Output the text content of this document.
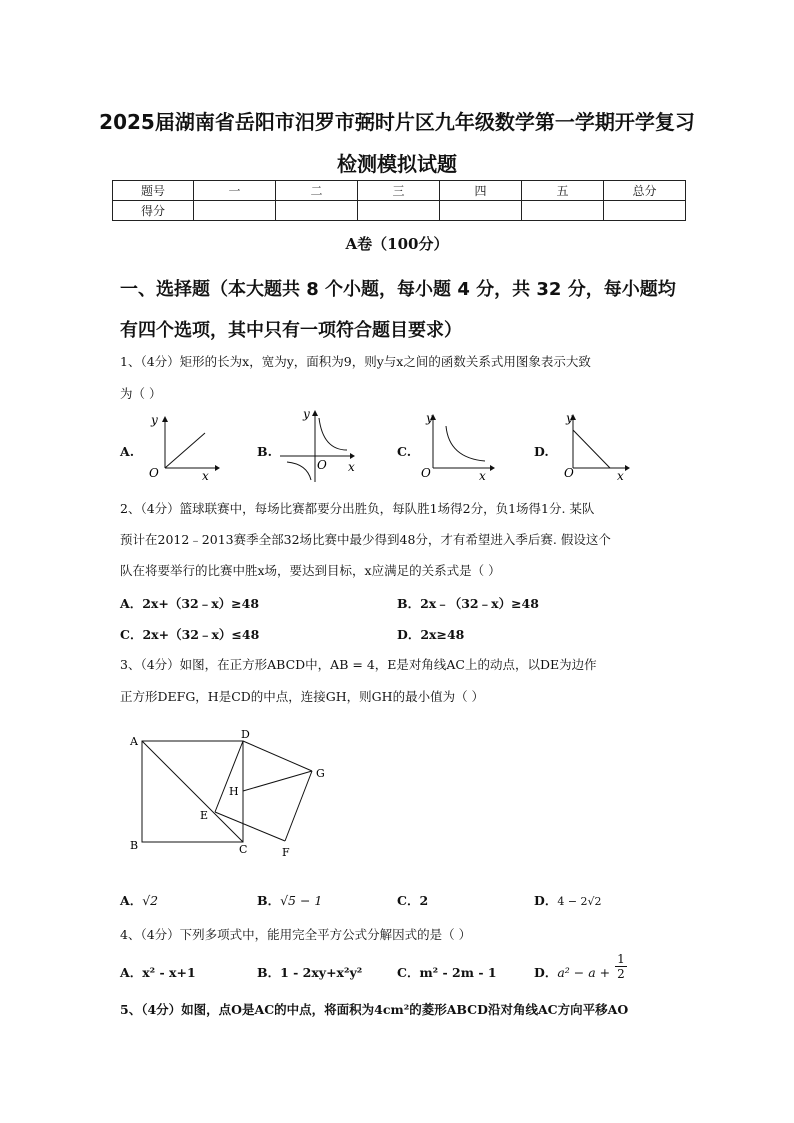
2025届湖南省岳阳市汨罗市弼时片区九年级数学第一学期开学复习
检测模拟试题
题号	一	二	三	四	五	总分
得分						
A卷（100分）
一、选择题（本大题共 8 个小题，每小题 4 分，共 32 分，每小题均
有四个选项，其中只有一项符合题目要求）
1、（4分）矩形的长为x，宽为y，面积为9，则y与x之间的函数关系式用图象表示大致
为（ ）
A.
y
x
O
B.
y
x
O
C.
y
x
O
D.
y
x
O
2、（4分）篮球联赛中，每场比赛都要分出胜负，每队胜1场得2分，负1场得1分. 某队
预计在2012﹣2013赛季全部32场比赛中最少得到48分，才有希望进入季后赛. 假设这个
队在将要举行的比赛中胜x场，要达到目标，x应满足的关系式是（ ）
A．2x+（32﹣x）≥48	B．2x﹣（32﹣x）≥48
C．2x+（32﹣x）≤48	D．2x≥48
3、（4分）如图，在正方形ABCD中，AB = 4，E是对角线AC上的动点，以DE为边作
正方形DEFG，H是CD的中点，连接GH，则GH的最小值为（ ）
A
D
B	C
E
F
G
H
A．√2	B．√5 − 1	C．2	D．4 − 2√2
4、（4分）下列多项式中，能用完全平方公式分解因式的是（ ）
A．x² - x+1	B．1 - 2xy+x²y²	C．m² - 2m - 1	D．$a^2 - a + \frac{1}{2}$
5、（4分）如图，点O是AC的中点，将面积为4cm²的菱形ABCD沿对角线AC方向平移AO
